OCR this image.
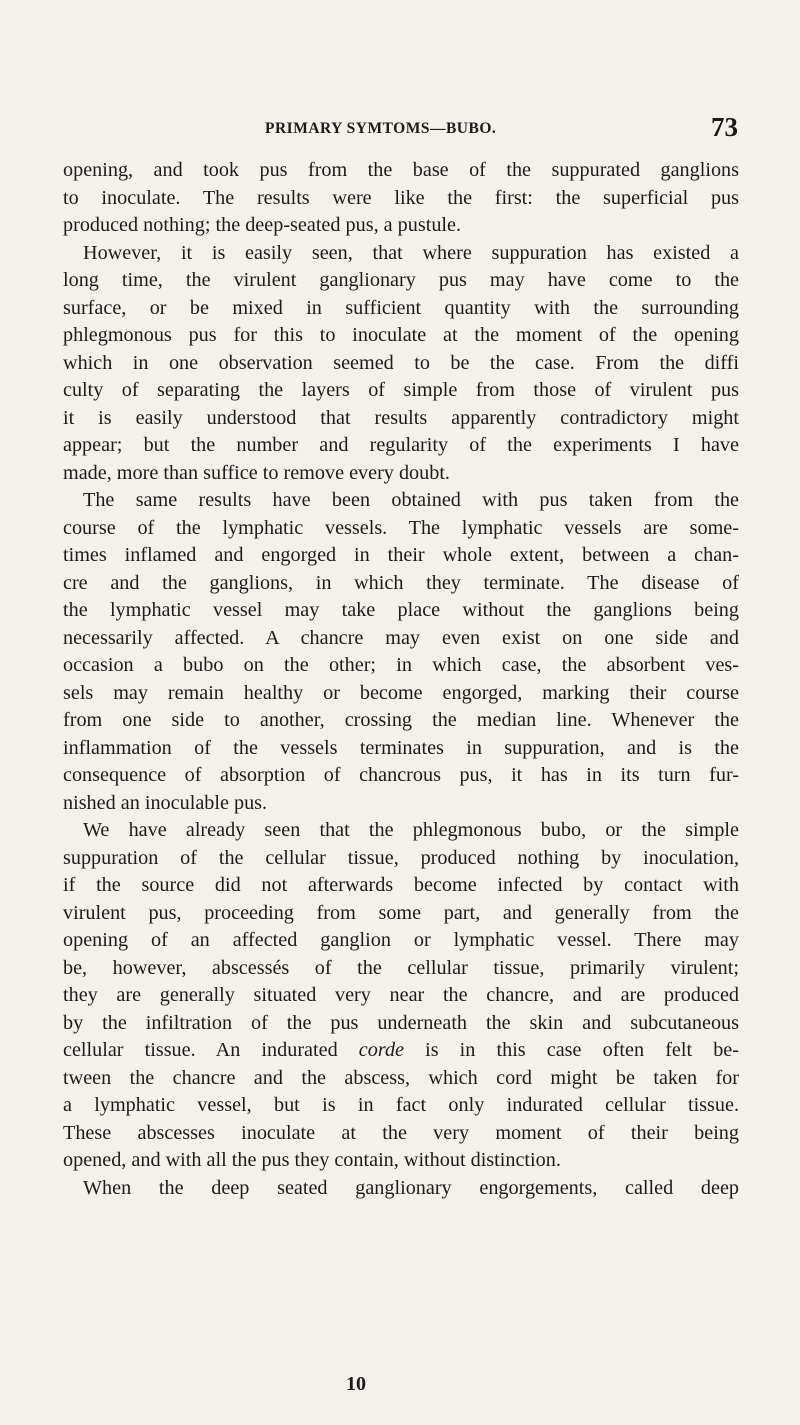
PRIMARY SYMTOMS—BUBO.	73
opening, and took pus from the base of the suppurated ganglions
to inoculate. The results were like the first: the superficial pus
produced nothing; the deep-seated pus, a pustule.
However, it is easily seen, that where suppuration has existed a
long time, the virulent ganglionary pus may have come to the
surface, or be mixed in sufficient quantity with the surrounding
phlegmonous pus for this to inoculate at the moment of the opening
which in one observation seemed to be the case. From the diffi
culty of separating the layers of simple from those of virulent pus
it is easily understood that results apparently contradictory might
appear; but the number and regularity of the experiments I have
made, more than suffice to remove every doubt.
The same results have been obtained with pus taken from the
course of the lymphatic vessels. The lymphatic vessels are some-
times inflamed and engorged in their whole extent, between a chan-
cre and the ganglions, in which they terminate. The disease of
the lymphatic vessel may take place without the ganglions being
necessarily affected. A chancre may even exist on one side and
occasion a bubo on the other; in which case, the absorbent ves-
sels may remain healthy or become engorged, marking their course
from one side to another, crossing the median line. Whenever the
inflammation of the vessels terminates in suppuration, and is the
consequence of absorption of chancrous pus, it has in its turn fur-
nished an inoculable pus.
We have already seen that the phlegmonous bubo, or the simple
suppuration of the cellular tissue, produced nothing by inoculation,
if the source did not afterwards become infected by contact with
virulent pus, proceeding from some part, and generally from the
opening of an affected ganglion or lymphatic vessel. There may
be, however, abscessés of the cellular tissue, primarily virulent;
they are generally situated very near the chancre, and are produced
by the infiltration of the pus underneath the skin and subcutaneous
cellular tissue. An indurated corde is in this case often felt be-
tween the chancre and the abscess, which cord might be taken for
a lymphatic vessel, but is in fact only indurated cellular tissue.
These abscesses inoculate at the very moment of their being
opened, and with all the pus they contain, without distinction.
When the deep seated ganglionary engorgements, called deep
10
